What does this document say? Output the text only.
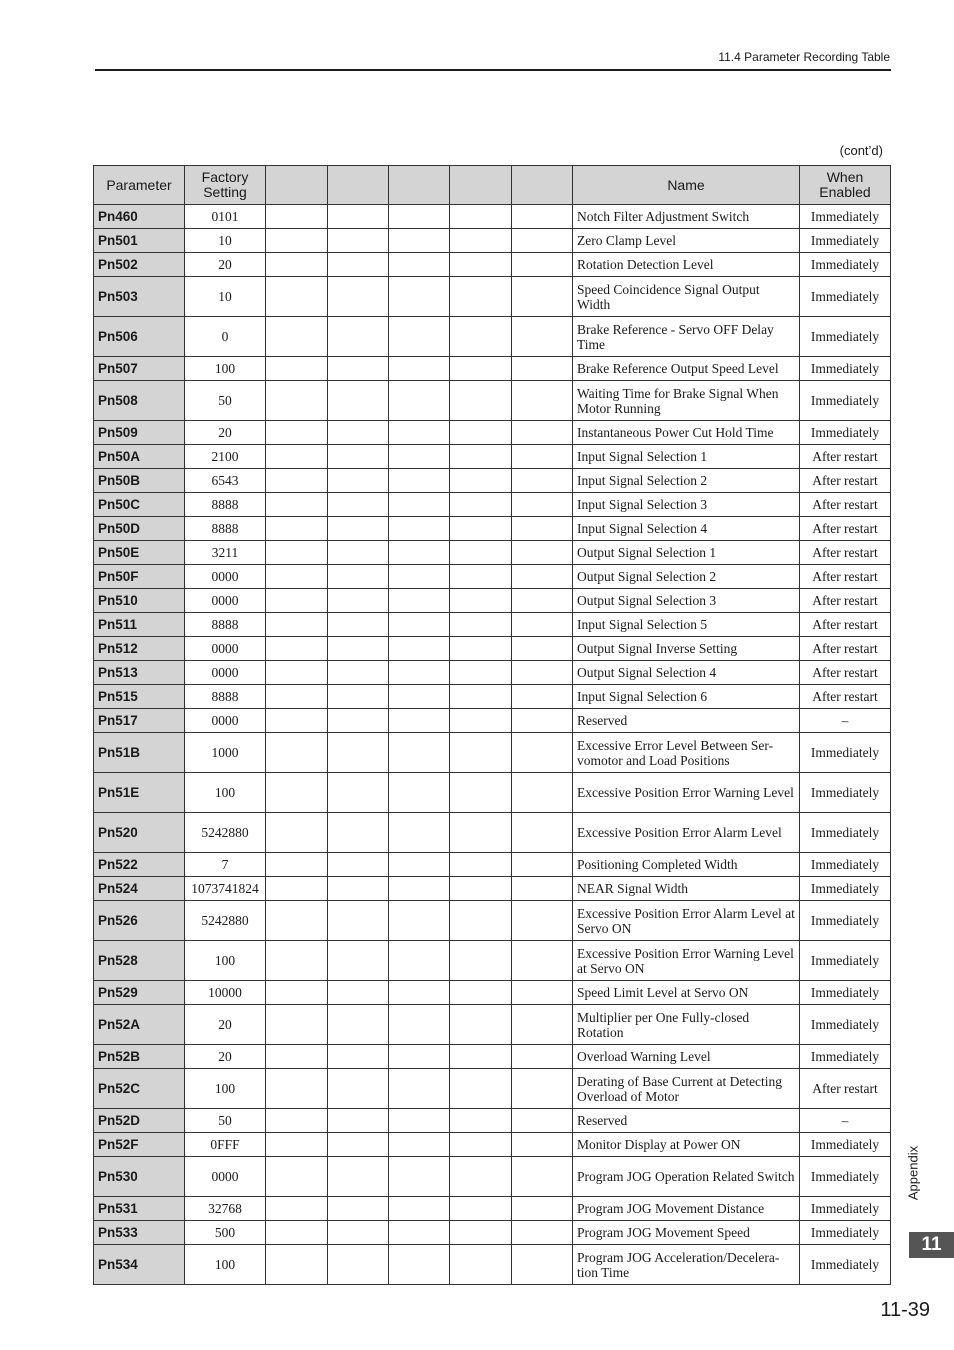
11.4 Parameter Recording Table
(cont’d)
Parameter	Factory Setting						Name	When Enabled
Pn460	0101						Notch Filter Adjustment Switch	Immediately
Pn501	10						Zero Clamp Level	Immediately
Pn502	20						Rotation Detection Level	Immediately
Pn503	10						Speed Coincidence Signal Output Width	Immediately
Pn506	0						Brake Reference - Servo OFF Delay Time	Immediately
Pn507	100						Brake Reference Output Speed Level	Immediately
Pn508	50						Waiting Time for Brake Signal When Motor Running	Immediately
Pn509	20						Instantaneous Power Cut Hold Time	Immediately
Pn50A	2100						Input Signal Selection 1	After restart
Pn50B	6543						Input Signal Selection 2	After restart
Pn50C	8888						Input Signal Selection 3	After restart
Pn50D	8888						Input Signal Selection 4	After restart
Pn50E	3211						Output Signal Selection 1	After restart
Pn50F	0000						Output Signal Selection 2	After restart
Pn510	0000						Output Signal Selection 3	After restart
Pn511	8888						Input Signal Selection 5	After restart
Pn512	0000						Output Signal Inverse Setting	After restart
Pn513	0000						Output Signal Selection 4	After restart
Pn515	8888						Input Signal Selection 6	After restart
Pn517	0000						Reserved	–
Pn51B	1000						Excessive Error Level Between Ser-vomotor and Load Positions	Immediately
Pn51E	100						Excessive Position Error Warning Level	Immediately
Pn520	5242880						Excessive Position Error Alarm Level	Immediately
Pn522	7						Positioning Completed Width	Immediately
Pn524	1073741824						NEAR Signal Width	Immediately
Pn526	5242880						Excessive Position Error Alarm Level at Servo ON	Immediately
Pn528	100						Excessive Position Error Warning Level at Servo ON	Immediately
Pn529	10000						Speed Limit Level at Servo ON	Immediately
Pn52A	20						Multiplier per One Fully-closed Rotation	Immediately
Pn52B	20						Overload Warning Level	Immediately
Pn52C	100						Derating of Base Current at Detecting Overload of Motor	After restart
Pn52D	50						Reserved	–
Pn52F	0FFF						Monitor Display at Power ON	Immediately
Pn530	0000						Program JOG Operation Related Switch	Immediately
Pn531	32768						Program JOG Movement Distance	Immediately
Pn533	500						Program JOG Movement Speed	Immediately
Pn534	100						Program JOG Acceleration/Decelera-tion Time	Immediately
Appendix
11
11-39
